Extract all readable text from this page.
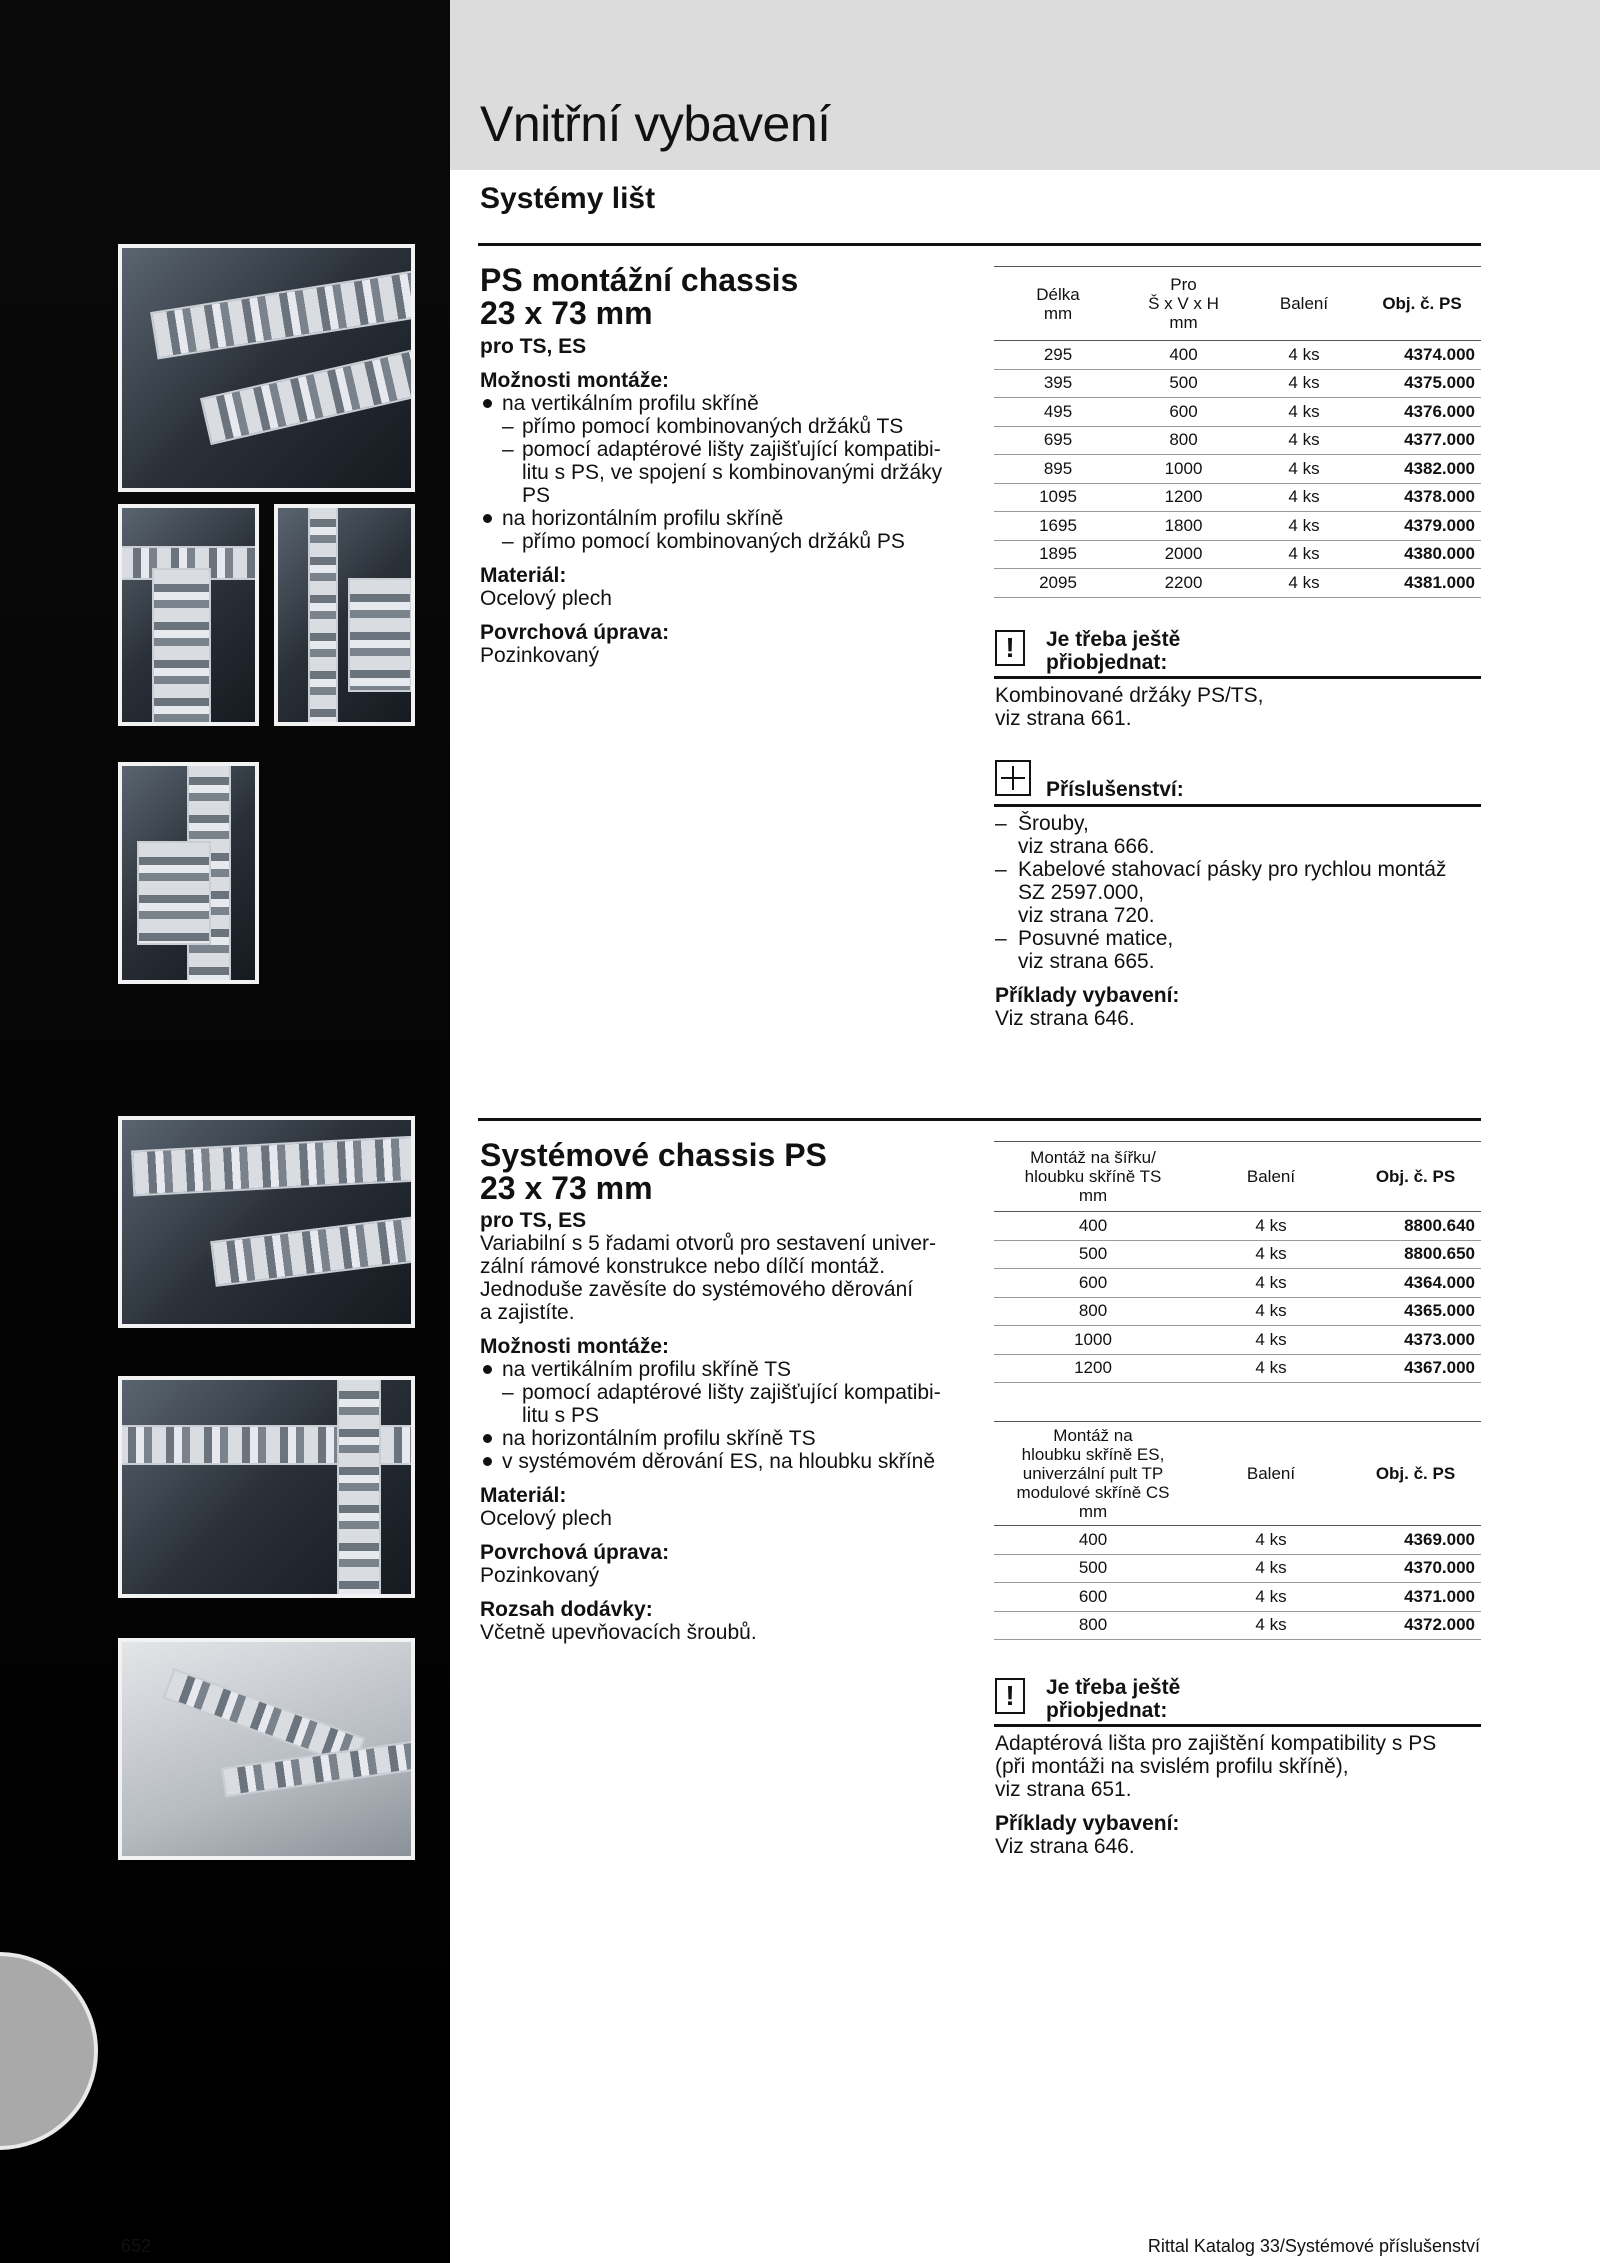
Vnitřní vybavení
Systémy lišt
PS montážní chassis
23 x 73 mm

pro TS, ES

Možnosti montáže:

na vertikálním profilu skříně

– přímo pomocí kombinovaných držáků TS

– pomocí adaptérové lišty zajišťující kompatibi-

litu s PS, ve spojení s kombinovanými držáky

PS

na horizontálním profilu skříně

– přímo pomocí kombinovaných držáků PS

Materiál:

Ocelový plech

Povrchová úprava:

Pozinkovaný

Délka
mm	Pro
Š x V x H
mm	Balení	Obj. č. PS
295	400	4 ks	4374.000
395	500	4 ks	4375.000
495	600	4 ks	4376.000
695	800	4 ks	4377.000
895	1000	4 ks	4382.000
1095	1200	4 ks	4378.000
1695	1800	4 ks	4379.000
1895	2000	4 ks	4380.000
2095	2200	4 ks	4381.000
!	Je třeba ještě

přiobjednat:

Kombinované držáky PS/TS,

viz strana 661.

Příslušenství:

– Šrouby,

viz strana 666.

– Kabelové stahovací pásky pro rychlou montáž

SZ 2597.000,

viz strana 720.

– Posuvné matice,

viz strana 665.

Příklady vybavení:

Viz strana 646.

Systémové chassis PS
23 x 73 mm

pro TS, ES

Variabilní s 5 řadami otvorů pro sestavení univer-

zální rámové konstrukce nebo dílčí montáž.

Jednoduše zavěsíte do systémového děrování

a zajistíte.

Možnosti montáže:

na vertikálním profilu skříně TS

– pomocí adaptérové lišty zajišťující kompatibi-

litu s PS

na horizontálním profilu skříně TS

v systémovém děrování ES, na hloubku skříně

Materiál:

Ocelový plech

Povrchová úprava:

Pozinkovaný

Rozsah dodávky:

Včetně upevňovacích šroubů.

Montáž na šířku/
hloubku skříně TS
mm	Balení	Obj. č. PS
400	4 ks	8800.640
500	4 ks	8800.650
600	4 ks	4364.000
800	4 ks	4365.000
1000	4 ks	4373.000
1200	4 ks	4367.000
Montáž na
hloubku skříně ES,
univerzální pult TP
modulové skříně CS
mm	Balení	Obj. č. PS
400	4 ks	4369.000
500	4 ks	4370.000
600	4 ks	4371.000
800	4 ks	4372.000
!	Je třeba ještě

přiobjednat:

Adaptérová lišta pro zajištění kompatibility s PS

(při montáži na svislém profilu skříně),

viz strana 651.

Příklady vybavení:

Viz strana 646.

652	Rittal Katalog 33/Systémové příslušenství
